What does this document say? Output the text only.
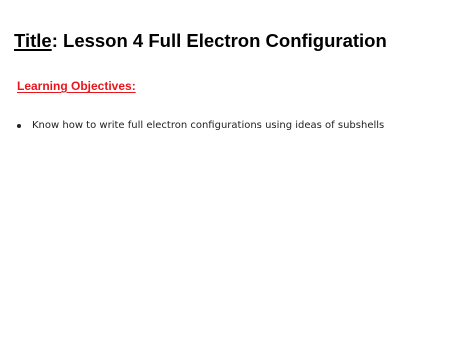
Title: Lesson 4 Full Electron Configuration
Learning Objectives:
Know how to write full electron configurations using ideas of subshells
